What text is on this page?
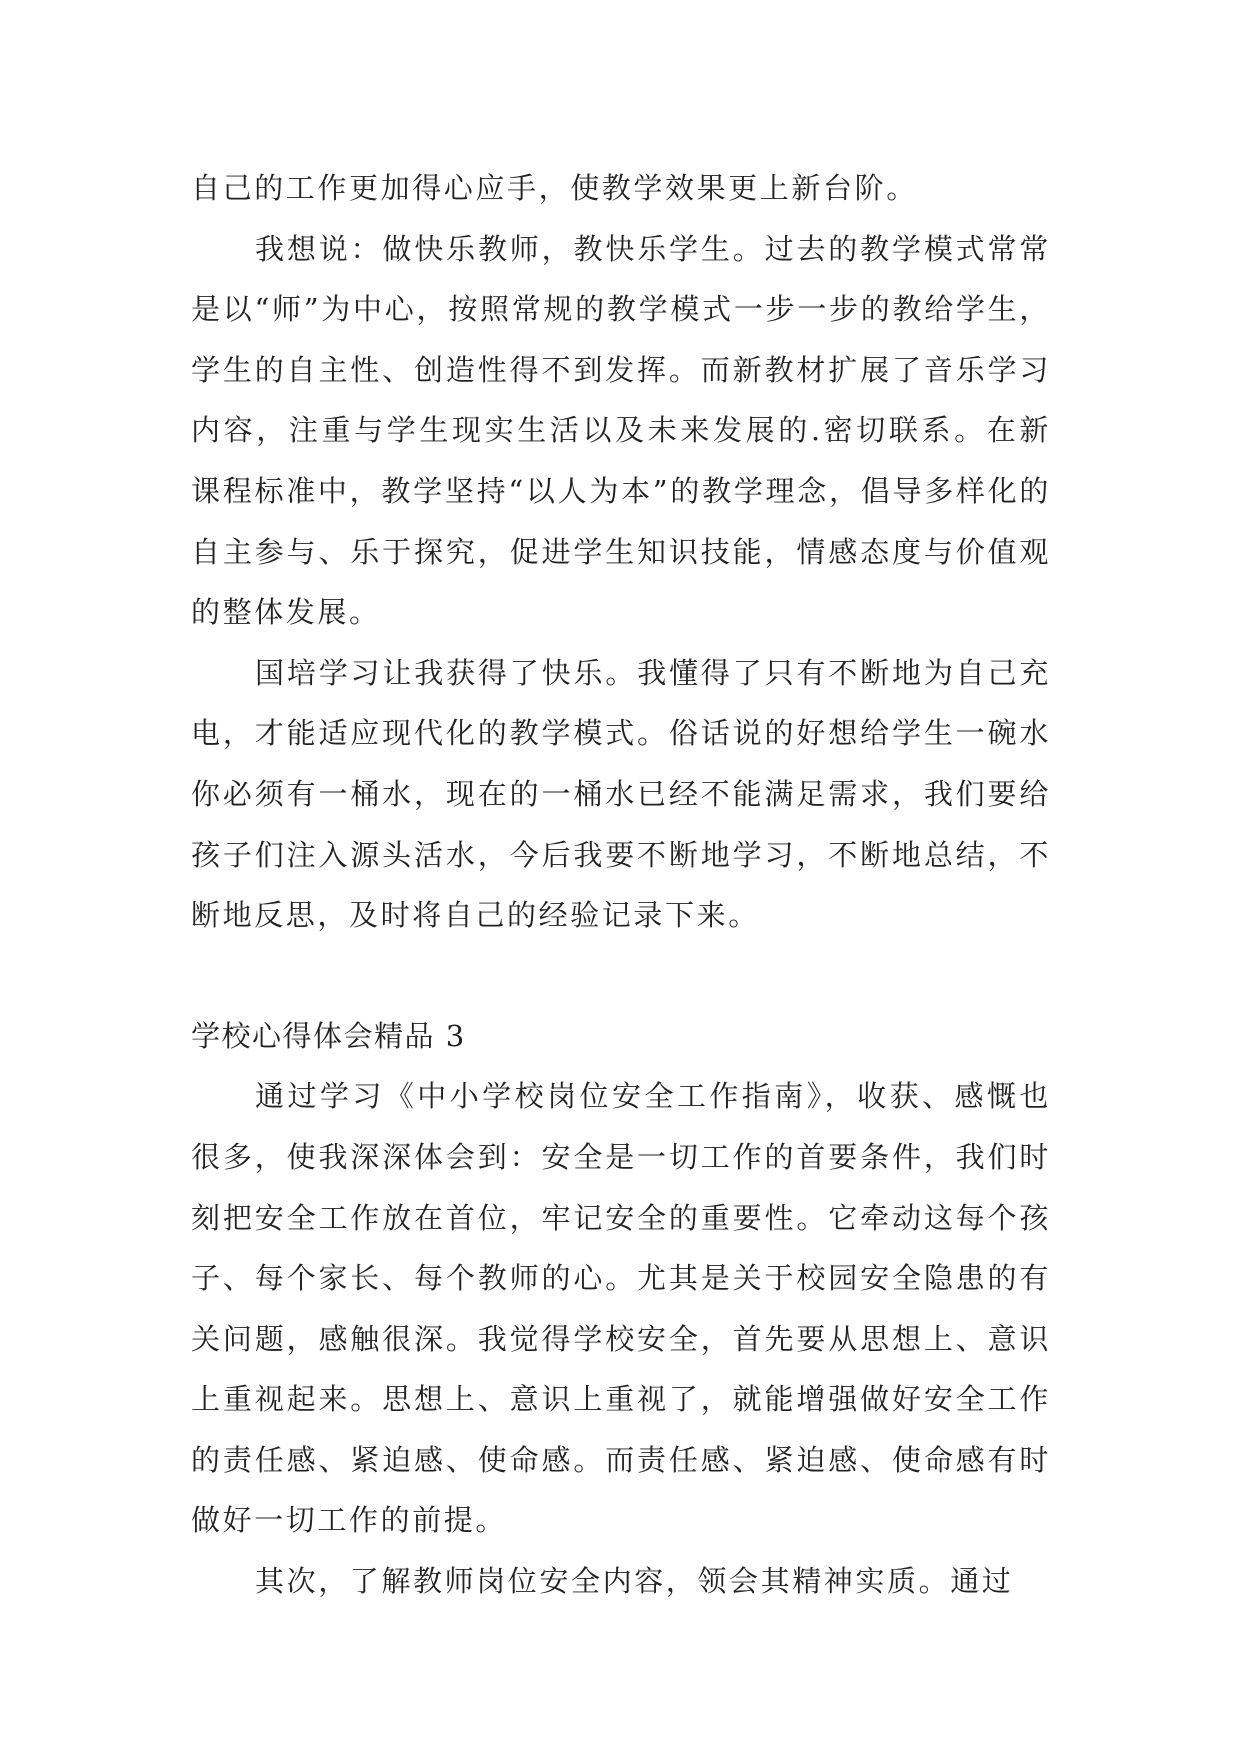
自己的工作更加得心应手，使教学效果更上新台阶。

我想说：做快乐教师，教快乐学生。过去的教学模式常常是以“师”为中心，按照常规的教学模式一步一步的教给学生，学生的自主性、创造性得不到发挥。而新教材扩展了音乐学习内容，注重与学生现实生活以及未来发展的.密切联系。在新课程标准中，教学坚持“以人为本”的教学理念，倡导多样化的自主参与、乐于探究，促进学生知识技能，情感态度与价值观的整体发展。

国培学习让我获得了快乐。我懂得了只有不断地为自己充电，才能适应现代化的教学模式。俗话说的好想给学生一碗水你必须有一桶水，现在的一桶水已经不能满足需求，我们要给孩子们注入源头活水，今后我要不断地学习，不断地总结，不断地反思，及时将自己的经验记录下来。

学校心得体会精品 3

通过学习《中小学校岗位安全工作指南》，收获、感慨也很多，使我深深体会到：安全是一切工作的首要条件，我们时刻把安全工作放在首位，牢记安全的重要性。它牵动这每个孩子、每个家长、每个教师的心。尤其是关于校园安全隐患的有关问题，感触很深。我觉得学校安全，首先要从思想上、意识上重视起来。思想上、意识上重视了，就能增强做好安全工作的责任感、紧迫感、使命感。而责任感、紧迫感、使命感有时做好一切工作的前提。

其次，了解教师岗位安全内容，领会其精神实质。通过
